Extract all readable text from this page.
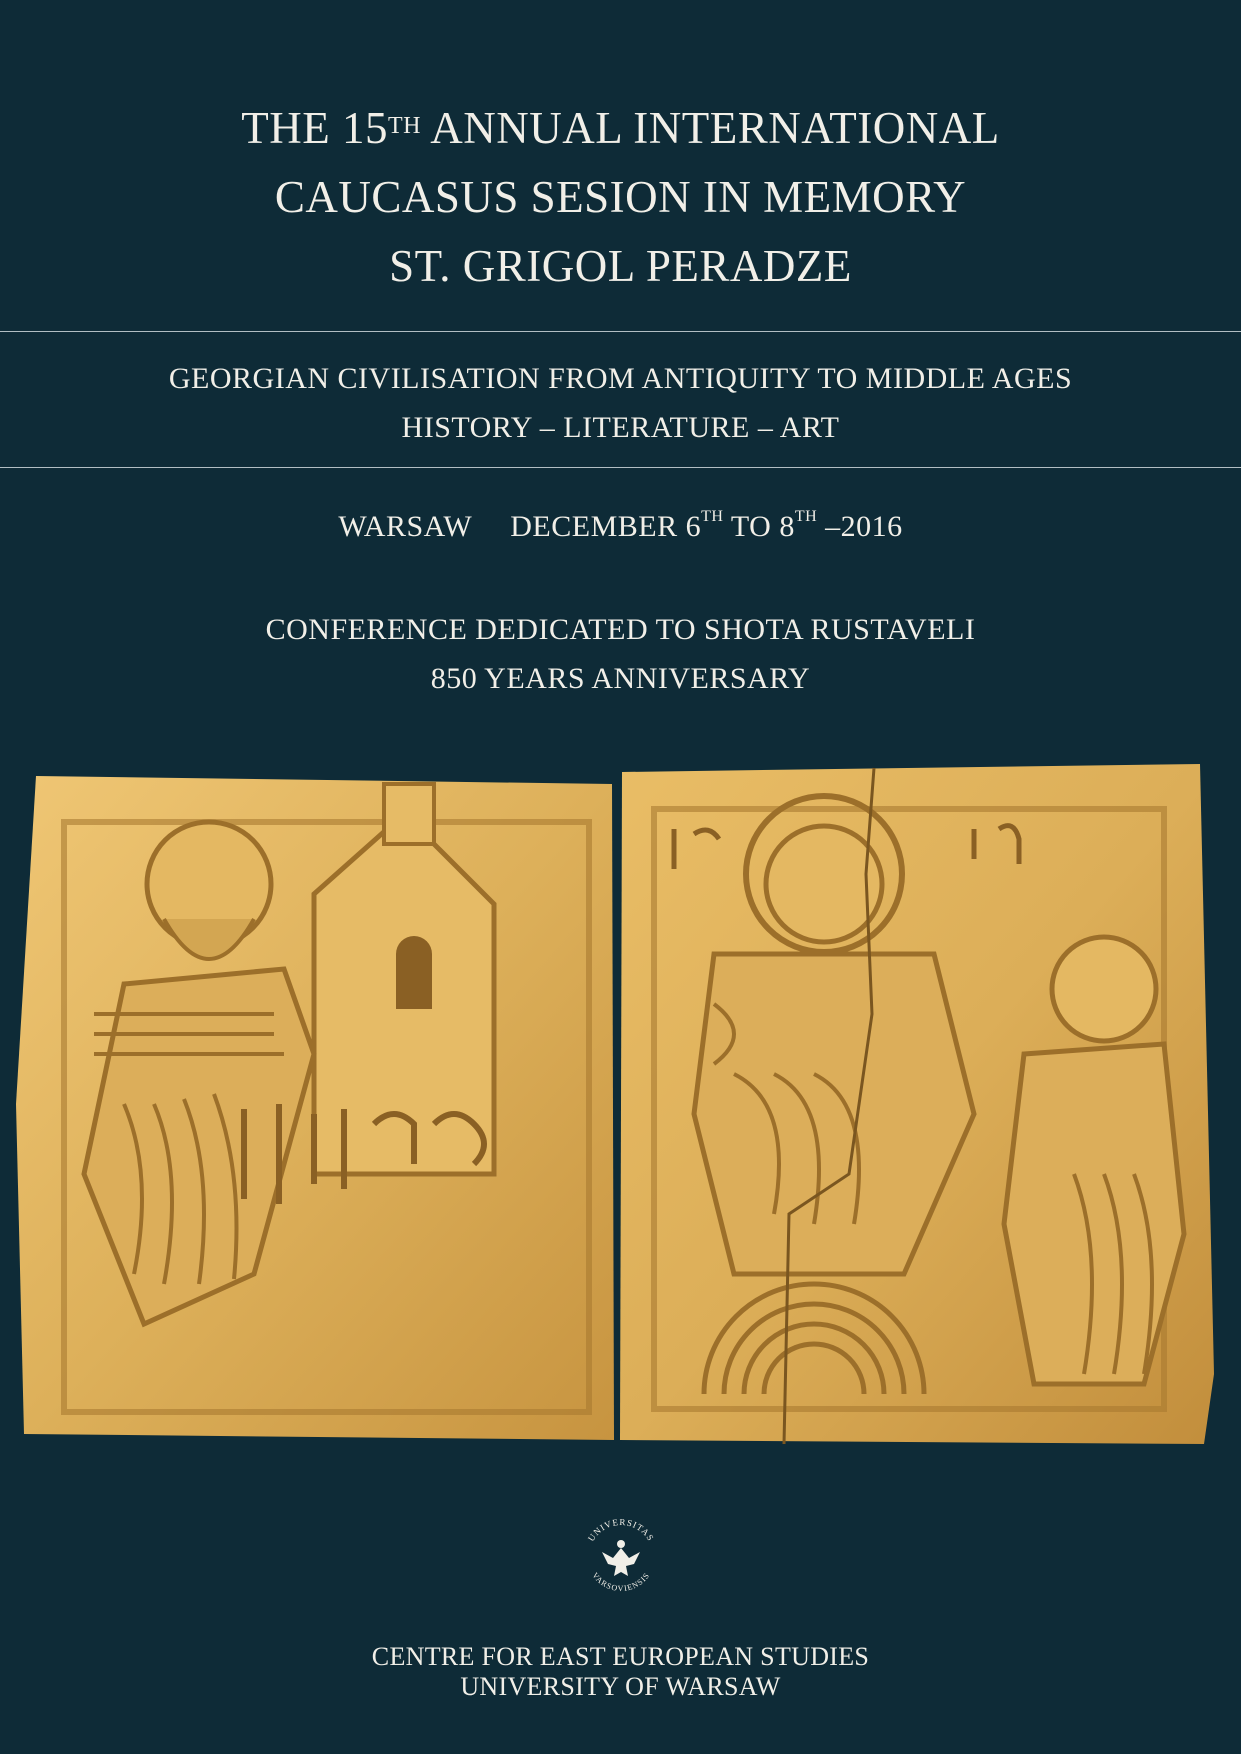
THE 15TH ANNUAL INTERNATIONAL
CAUCASUS SESION IN MEMORY
ST. GRIGOL PERADZE
GEORGIAN CIVILISATION FROM ANTIQUITY TO MIDDLE AGES
HISTORY – LITERATURE – ART
WARSAW DECEMBER 6TH TO 8TH –2016
CONFERENCE DEDICATED TO SHOTA RUSTAVELI
850 YEARS ANNIVERSARY
UNIVERSITAS
VARSOVIENSIS
CENTRE FOR EAST EUROPEAN STUDIES
UNIVERSITY OF WARSAW
